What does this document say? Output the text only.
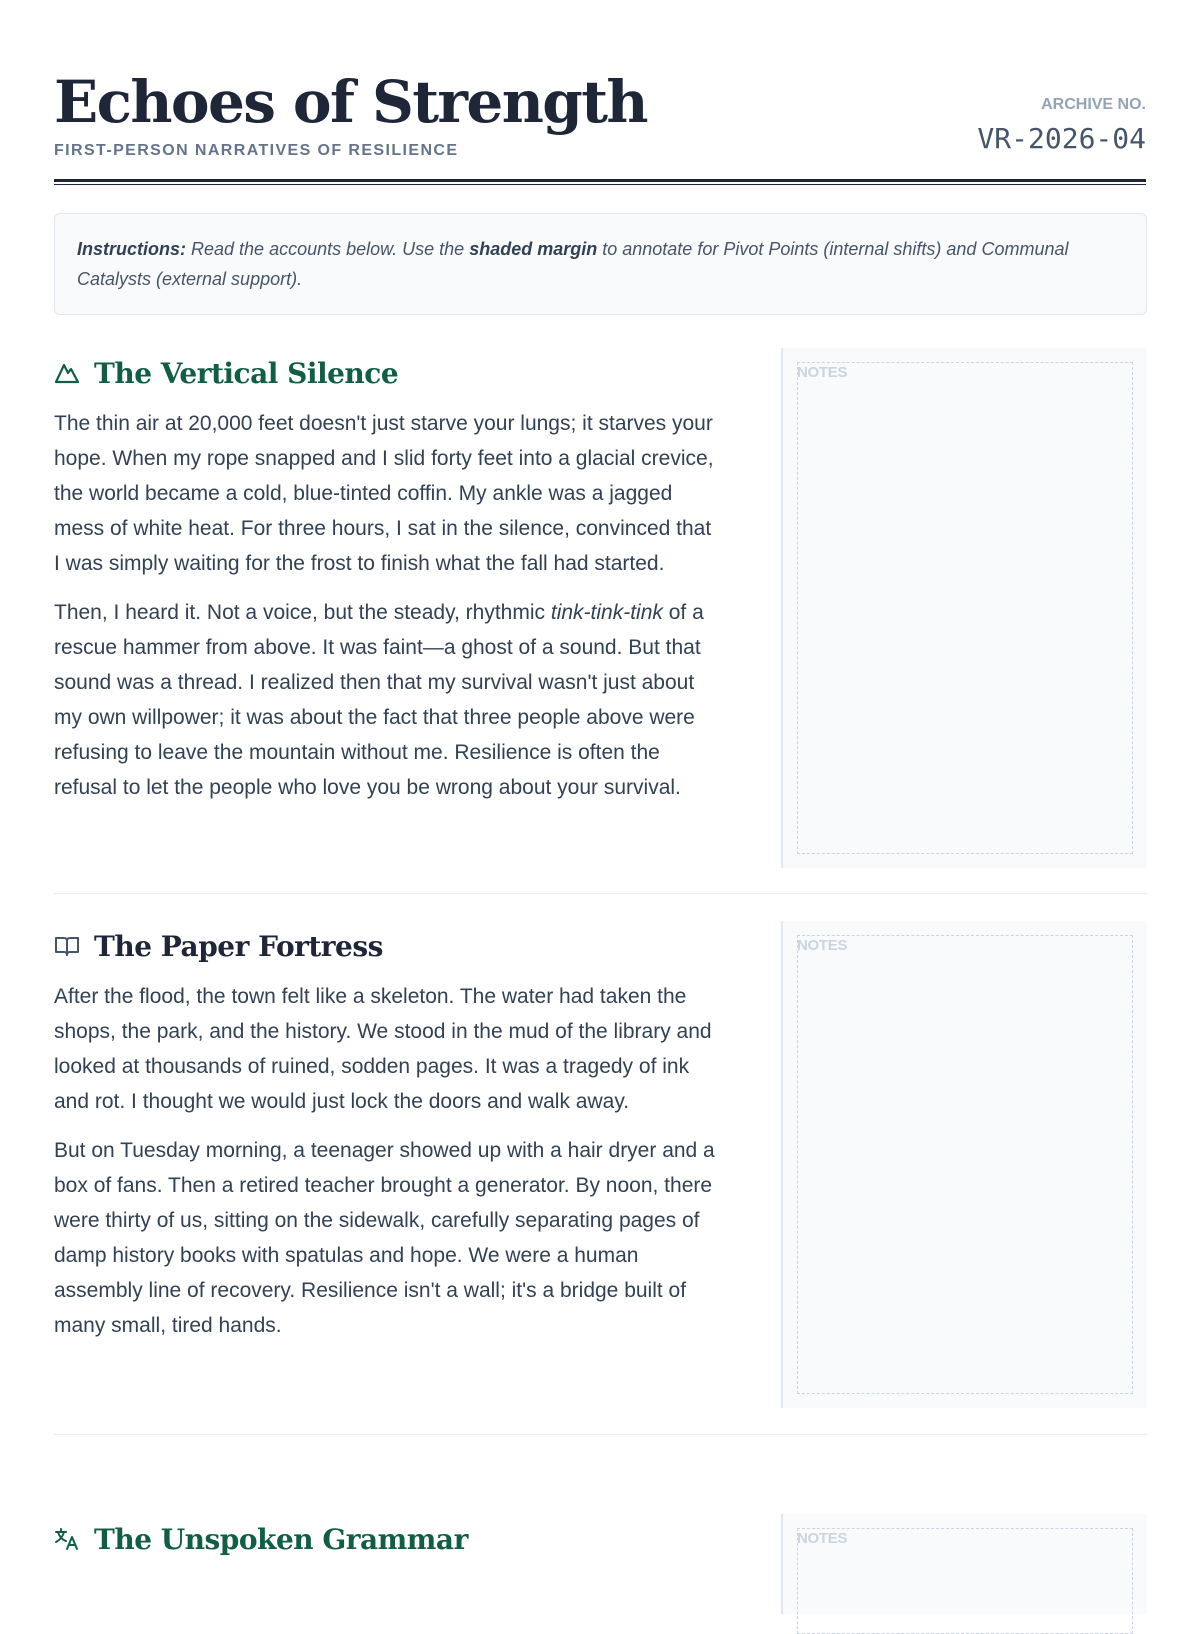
Echoes of Strength
FIRST-PERSON NARRATIVES OF RESILIENCE
ARCHIVE NO.
VR-2026-04
Instructions: Read the accounts below. Use the shaded margin to annotate for Pivot Points (internal shifts) and Communal Catalysts (external support).
The Vertical Silence

The thin air at 20,000 feet doesn't just starve your lungs; it starves your hope. When my rope snapped and I slid forty feet into a glacial crevice, the world became a cold, blue-tinted coffin. My ankle was a jagged mess of white heat. For three hours, I sat in the silence, convinced that I was simply waiting for the frost to finish what the fall had started.

Then, I heard it. Not a voice, but the steady, rhythmic tink-tink-tink of a rescue hammer from above. It was faint—a ghost of a sound. But that sound was a thread. I realized then that my survival wasn't just about my own willpower; it was about the fact that three people above were refusing to leave the mountain without me. Resilience is often the refusal to let the people who love you be wrong about your survival.

NOTES
The Paper Fortress

After the flood, the town felt like a skeleton. The water had taken the shops, the park, and the history. We stood in the mud of the library and looked at thousands of ruined, sodden pages. It was a tragedy of ink and rot. I thought we would just lock the doors and walk away.

But on Tuesday morning, a teenager showed up with a hair dryer and a box of fans. Then a retired teacher brought a generator. By noon, there were thirty of us, sitting on the sidewalk, carefully separating pages of damp history books with spatulas and hope. We were a human assembly line of recovery. Resilience isn't a wall; it's a bridge built of many small, tired hands.

NOTES
The Unspoken Grammar	NOTES
